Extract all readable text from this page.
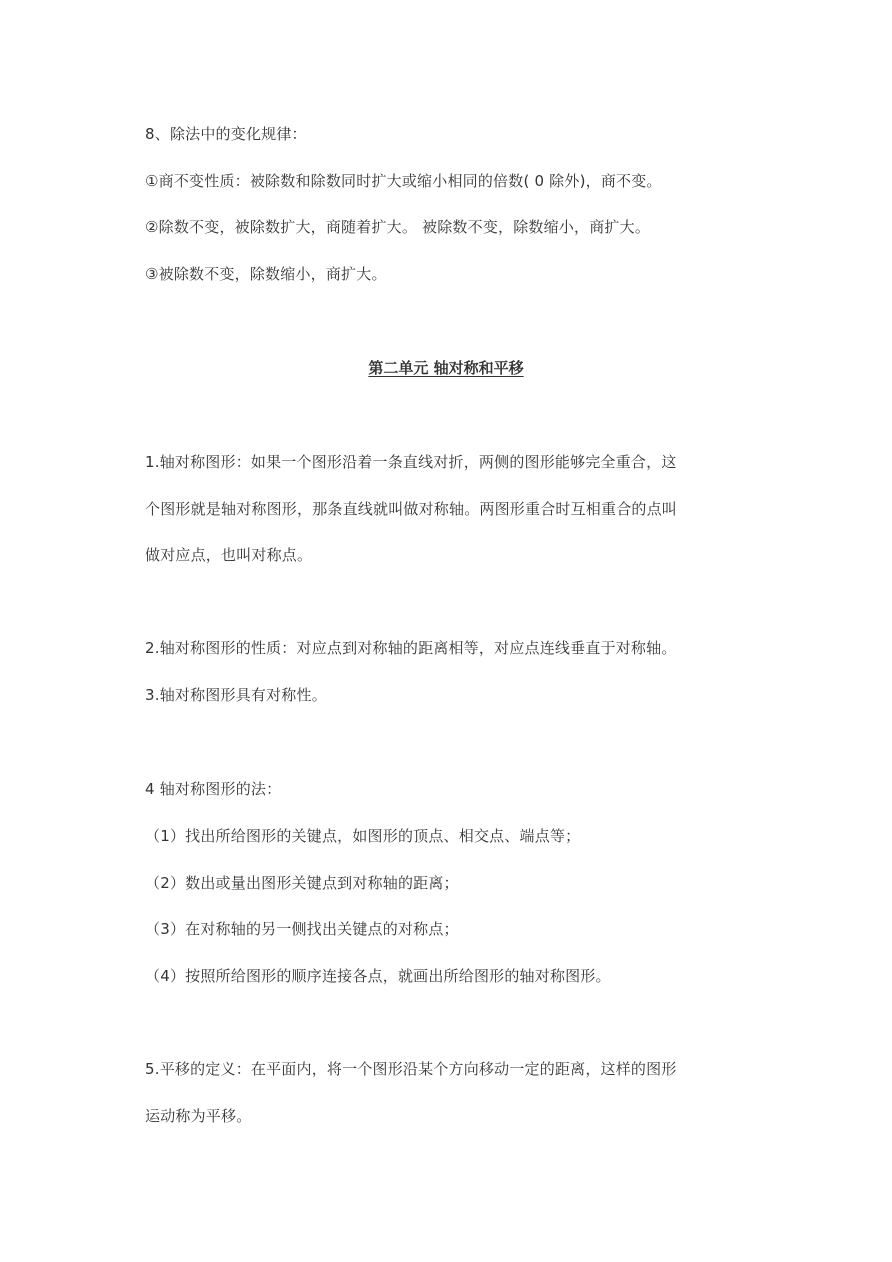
8、除法中的变化规律：
①商不变性质：被除数和除数同时扩大或缩小相同的倍数( 0 除外)，商不变。
②除数不变，被除数扩大，商随着扩大。 被除数不变，除数缩小，商扩大。
③被除数不变，除数缩小，商扩大。
第二单元 轴对称和平移
1.轴对称图形：如果一个图形沿着一条直线对折，两侧的图形能够完全重合，这
个图形就是轴对称图形，那条直线就叫做对称轴。两图形重合时互相重合的点叫
做对应点，也叫对称点。
2.轴对称图形的性质：对应点到对称轴的距离相等，对应点连线垂直于对称轴。
3.轴对称图形具有对称性。
4 轴对称图形的法：
（1）找出所给图形的关键点，如图形的顶点、相交点、端点等；
（2）数出或量出图形关键点到对称轴的距离；
（3）在对称轴的另一侧找出关键点的对称点；
（4）按照所给图形的顺序连接各点，就画出所给图形的轴对称图形。
5.平移的定义：在平面内，将一个图形沿某个方向移动一定的距离，这样的图形
运动称为平移。
